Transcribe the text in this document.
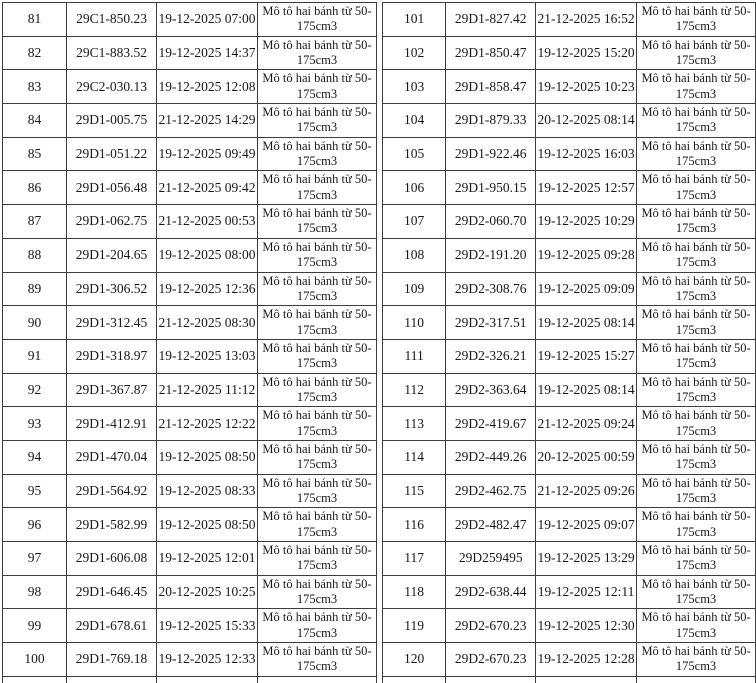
81	29C1-850.23	19-12-2025 07:00	Mô tô hai bánh từ 50-
175cm3

82	29C1-883.52	19-12-2025 14:37	Mô tô hai bánh từ 50-
175cm3

83	29C2-030.13	19-12-2025 12:08	Mô tô hai bánh từ 50-
175cm3

84	29D1-005.75	21-12-2025 14:29	Mô tô hai bánh từ 50-
175cm3

85	29D1-051.22	19-12-2025 09:49	Mô tô hai bánh từ 50-
175cm3

86	29D1-056.48	21-12-2025 09:42	Mô tô hai bánh từ 50-
175cm3

87	29D1-062.75	21-12-2025 00:53	Mô tô hai bánh từ 50-
175cm3

88	29D1-204.65	19-12-2025 08:00	Mô tô hai bánh từ 50-
175cm3

89	29D1-306.52	19-12-2025 12:36	Mô tô hai bánh từ 50-
175cm3

90	29D1-312.45	21-12-2025 08:30	Mô tô hai bánh từ 50-
175cm3

91	29D1-318.97	19-12-2025 13:03	Mô tô hai bánh từ 50-
175cm3

92	29D1-367.87	21-12-2025 11:12	Mô tô hai bánh từ 50-
175cm3

93	29D1-412.91	21-12-2025 12:22	Mô tô hai bánh từ 50-
175cm3

94	29D1-470.04	19-12-2025 08:50	Mô tô hai bánh từ 50-
175cm3

95	29D1-564.92	19-12-2025 08:33	Mô tô hai bánh từ 50-
175cm3

96	29D1-582.99	19-12-2025 08:50	Mô tô hai bánh từ 50-
175cm3

97	29D1-606.08	19-12-2025 12:01	Mô tô hai bánh từ 50-
175cm3

98	29D1-646.45	20-12-2025 10:25	Mô tô hai bánh từ 50-
175cm3

99	29D1-678.61	19-12-2025 15:33	Mô tô hai bánh từ 50-
175cm3

100	29D1-769.18	19-12-2025 12:33	Mô tô hai bánh từ 50-
175cm3

101	29D1-827.42	21-12-2025 16:52	Mô tô hai bánh từ 50-
175cm3

102	29D1-850.47	19-12-2025 15:20	Mô tô hai bánh từ 50-
175cm3

103	29D1-858.47	19-12-2025 10:23	Mô tô hai bánh từ 50-
175cm3

104	29D1-879.33	20-12-2025 08:14	Mô tô hai bánh từ 50-
175cm3

105	29D1-922.46	19-12-2025 16:03	Mô tô hai bánh từ 50-
175cm3

106	29D1-950.15	19-12-2025 12:57	Mô tô hai bánh từ 50-
175cm3

107	29D2-060.70	19-12-2025 10:29	Mô tô hai bánh từ 50-
175cm3

108	29D2-191.20	19-12-2025 09:28	Mô tô hai bánh từ 50-
175cm3

109	29D2-308.76	19-12-2025 09:09	Mô tô hai bánh từ 50-
175cm3

110	29D2-317.51	19-12-2025 08:14	Mô tô hai bánh từ 50-
175cm3

111	29D2-326.21	19-12-2025 15:27	Mô tô hai bánh từ 50-
175cm3

112	29D2-363.64	19-12-2025 08:14	Mô tô hai bánh từ 50-
175cm3

113	29D2-419.67	21-12-2025 09:24	Mô tô hai bánh từ 50-
175cm3

114	29D2-449.26	20-12-2025 00:59	Mô tô hai bánh từ 50-
175cm3

115	29D2-462.75	21-12-2025 09:26	Mô tô hai bánh từ 50-
175cm3

116	29D2-482.47	19-12-2025 09:07	Mô tô hai bánh từ 50-
175cm3

117	29D259495	19-12-2025 13:29	Mô tô hai bánh từ 50-
175cm3

118	29D2-638.44	19-12-2025 12:11	Mô tô hai bánh từ 50-
175cm3

119	29D2-670.23	19-12-2025 12:30	Mô tô hai bánh từ 50-
175cm3

120	29D2-670.23	19-12-2025 12:28	Mô tô hai bánh từ 50-
175cm3
